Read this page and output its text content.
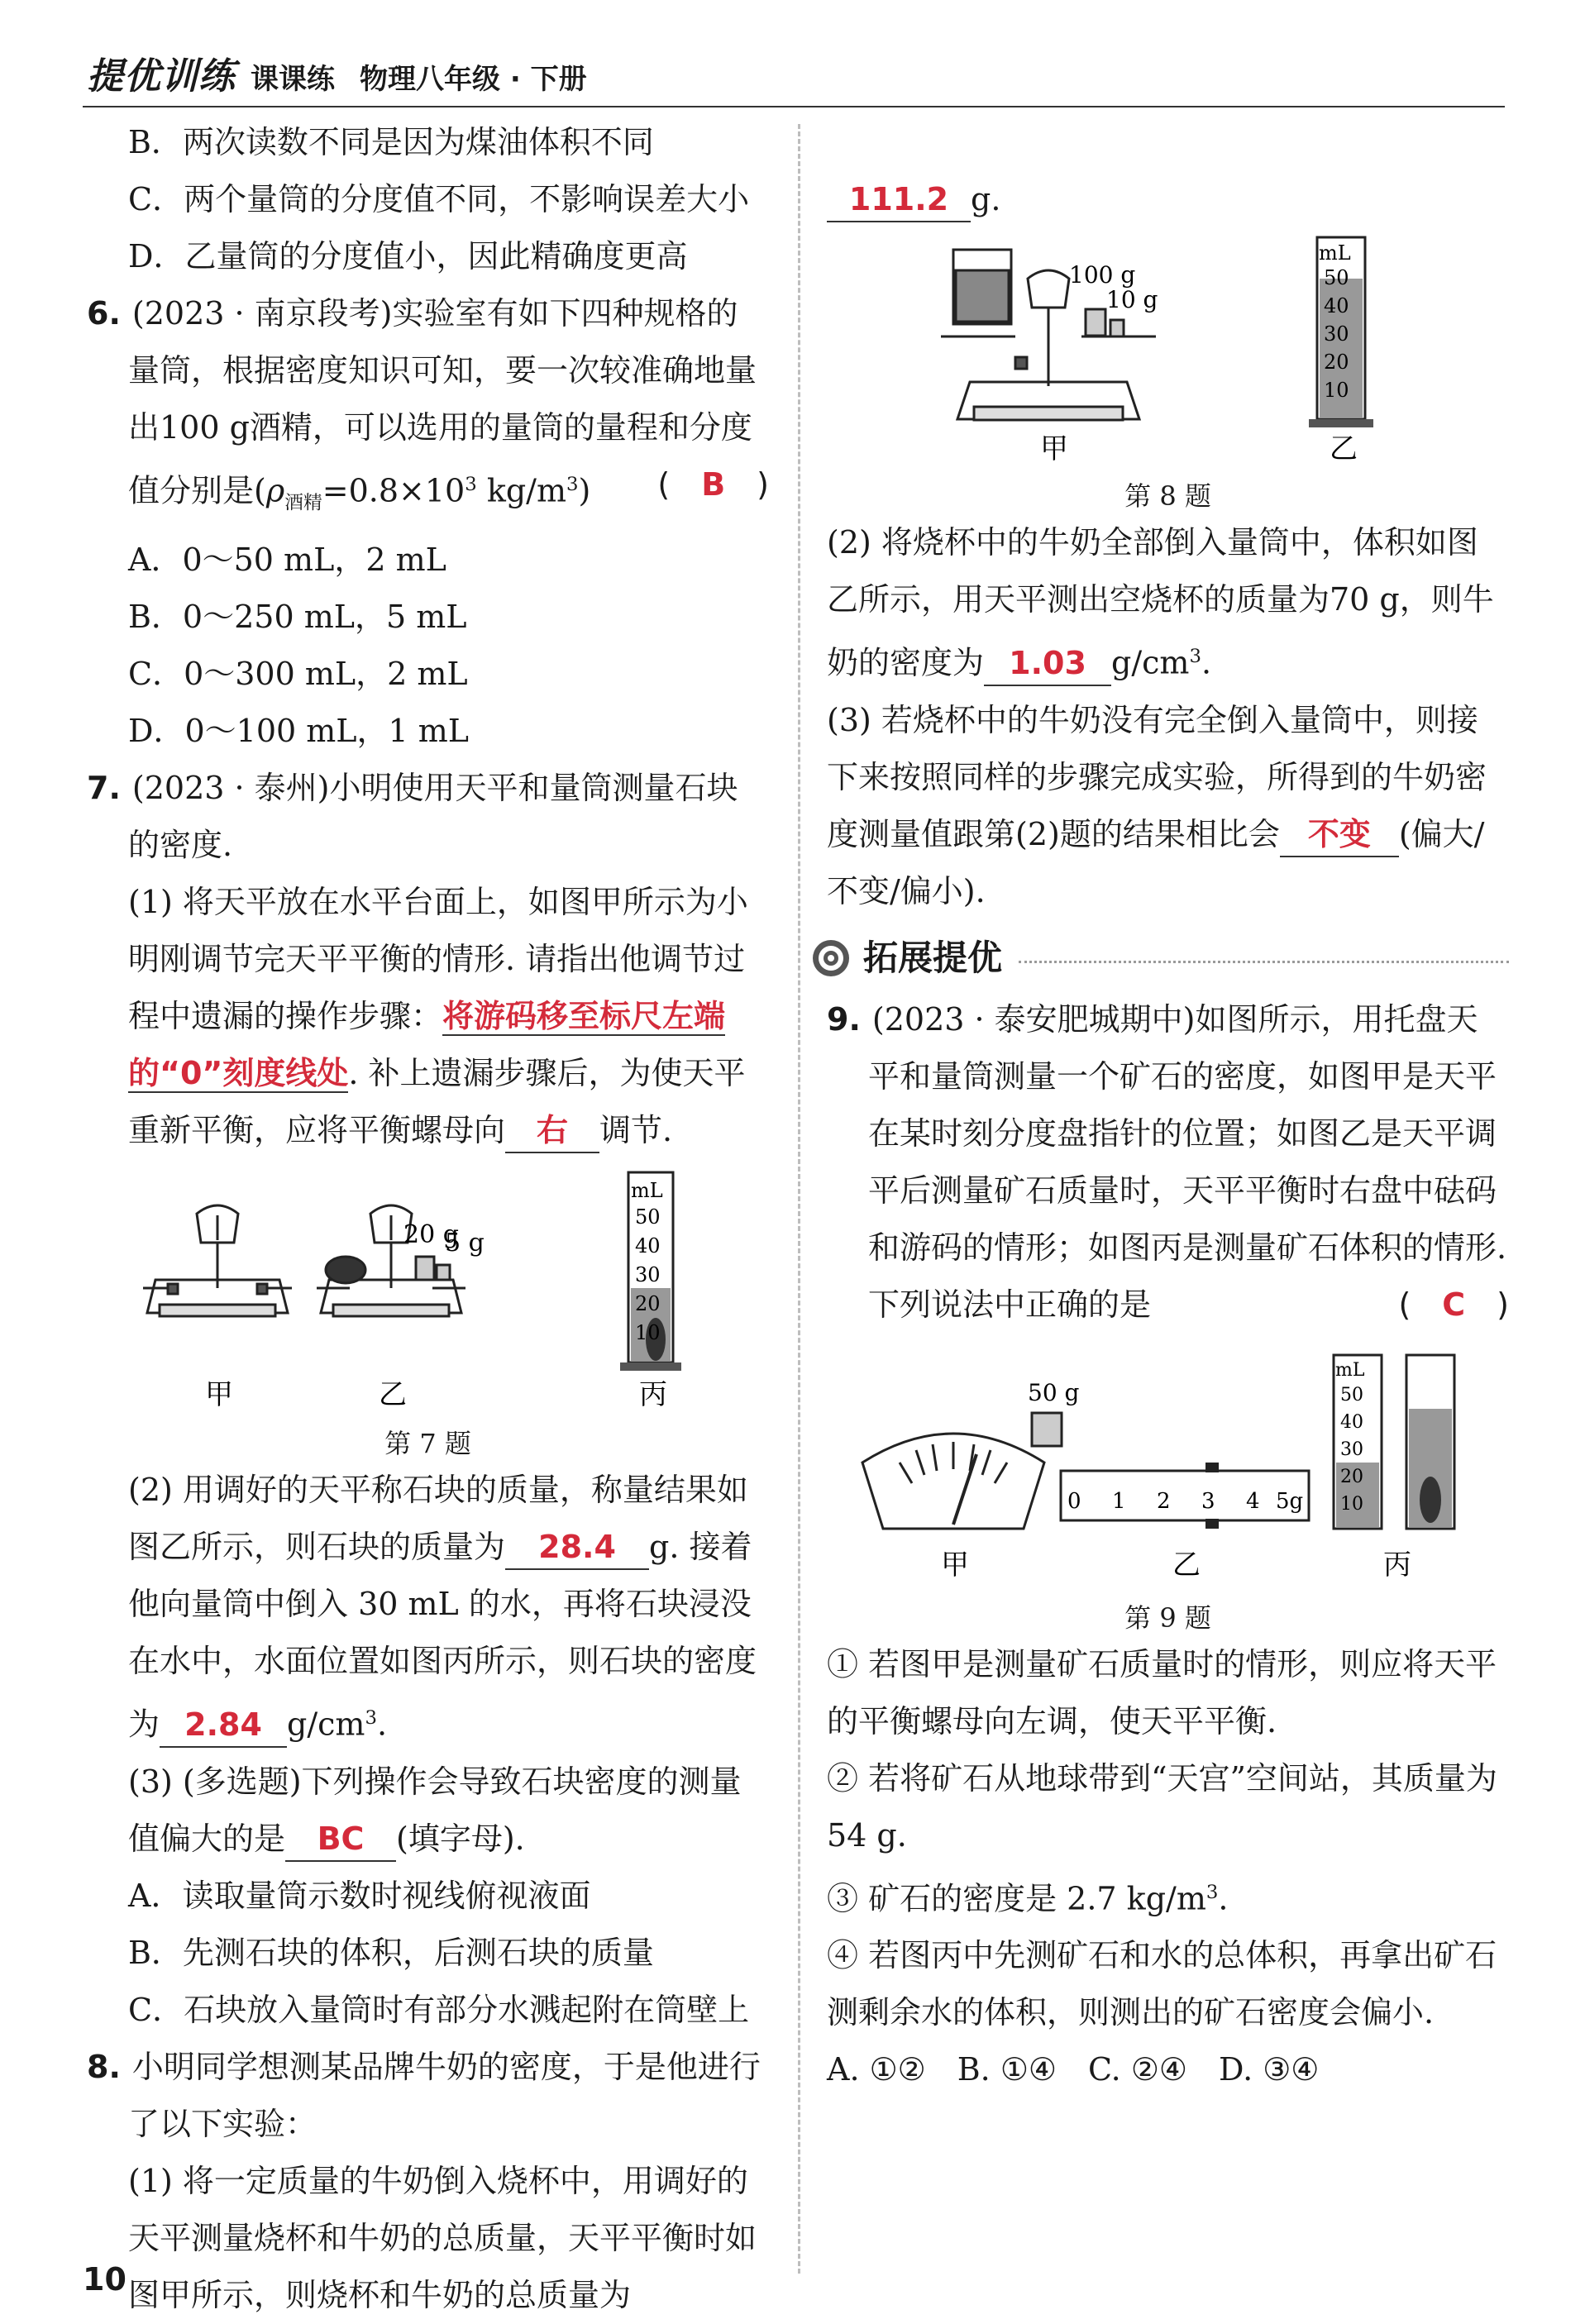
提优训练 课课练 物理八年级 · 下册

B．两次读数不同是因为煤油体积不同

C．两个量筒的分度值不同，不影响误差大小

D．乙量筒的分度值小，因此精确度更高

6. (2023 · 南京段考)实验室有如下四种规格的量筒，根据密度知识可知，要一次较准确地量出100 g酒精，可以选用的量筒的量程和分度值分别是($\rho_{酒精}=0.8\times 10^3$ $kg/m^3$) (　B　)

A．0～50 mL，2 mL

B．0～250 mL，5 mL

C．0～300 mL，2 mL

D．0～100 mL，1 mL

7. (2023 · 泰州)小明使用天平和量筒测量石块的密度.

(1) 将天平放在水平台面上，如图甲所示为小明刚调节完天平平衡的情形. 请指出他调节过程中遗漏的操作步骤：将游码移至标尺左端的“0”刻度线处. 补上遗漏步骤后，为使天平重新平衡，应将平衡螺母向 右 调节.

20 g
5 g
mL
50
40
30
20
10
甲	乙	丙

第 7 题

(2) 用调好的天平称石块的质量，称量结果如图乙所示，则石块的质量为 28.4 g. 接着他向量筒中倒入 30 mL 的水，再将石块浸没在水中，水面位置如图丙所示，则石块的密度为 2.84 $g/cm^3$.

(3) (多选题)下列操作会导致石块密度的测量值偏大的是 BC (填字母).

A．读取量筒示数时视线俯视液面

B．先测石块的体积，后测石块的质量

C．石块放入量筒时有部分水溅起附在筒壁上

8. 小明同学想测某品牌牛奶的密度，于是他进行了以下实验：

(1) 将一定质量的牛奶倒入烧杯中，用调好的天平测量烧杯和牛奶的总质量，天平平衡时如图甲所示，则烧杯和牛奶的总质量为

111.2 g.

100 g
10 g
mL
50
40
30
20
10
甲	乙

第 8 题

(2) 将烧杯中的牛奶全部倒入量筒中，体积如图乙所示，用天平测出空烧杯的质量为70 g，则牛奶的密度为 1.03 $g/cm^3$.

(3) 若烧杯中的牛奶没有完全倒入量筒中，则接下来按照同样的步骤完成实验，所得到的牛奶密度测量值跟第(2)题的结果相比会 不变 (偏大/不变/偏小).

拓展提优

9. (2023 · 泰安肥城期中)如图所示，用托盘天平和量筒测量一个矿石的密度，如图甲是天平在某时刻分度盘指针的位置；如图乙是天平调平后测量矿石质量时，天平平衡时右盘中砝码和游码的情形；如图丙是测量矿石体积的情形. 下列说法中正确的是	(　C　)

50 g
0 1 2 3 4 5g
mL
50
40
30
20
10
甲	乙	丙

第 9 题

① 若图甲是测量矿石质量时的情形，则应将天平的平衡螺母向左调，使天平平衡.

② 若将矿石从地球带到“天宫”空间站，其质量为 54 g.

③ 矿石的密度是 2.7 $kg/m^3$.

④ 若图丙中先测矿石和水的总体积，再拿出矿石测剩余水的体积，则测出的矿石密度会偏小.

A. ①②　B. ①④　C. ②④　D. ③④

10
